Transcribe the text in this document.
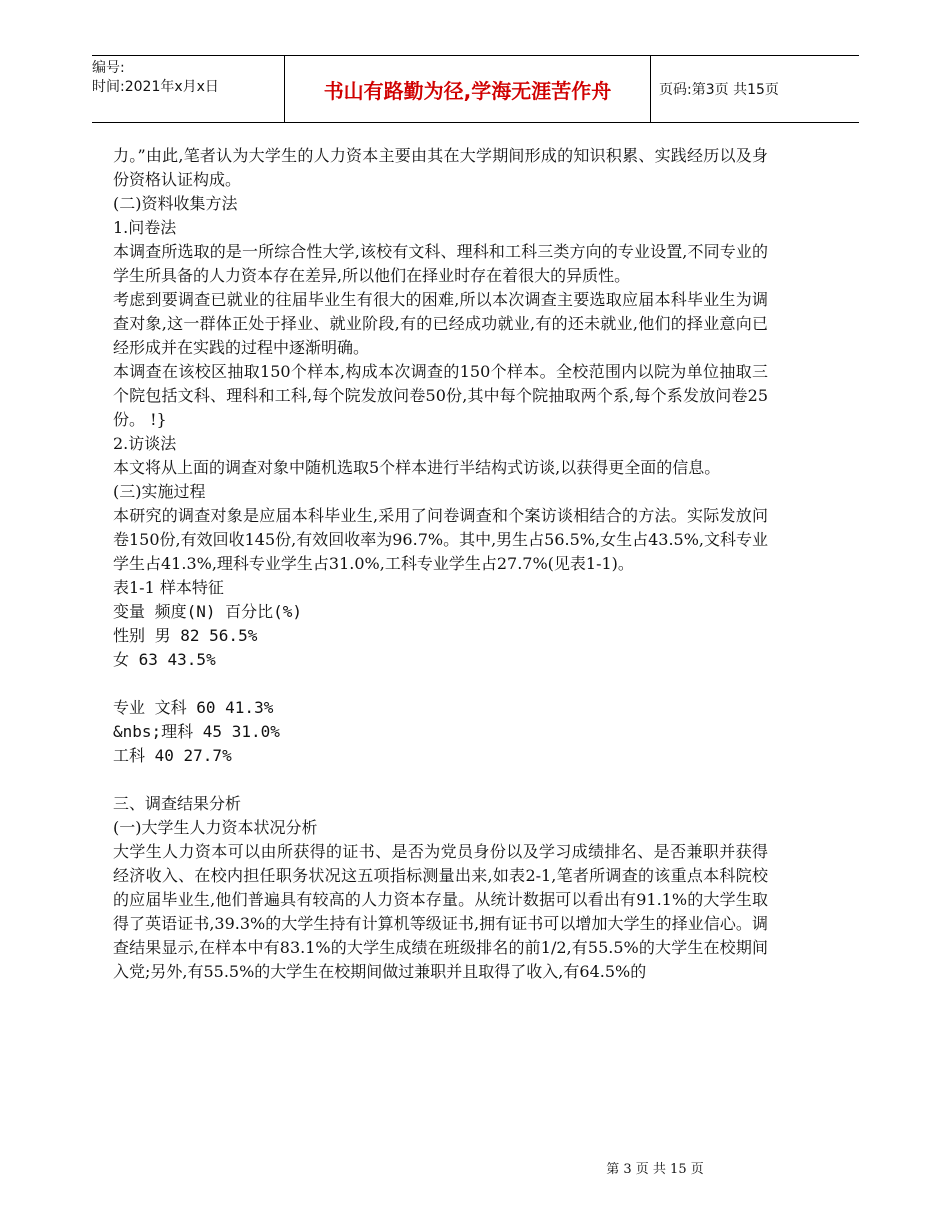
编号:
时间:2021年x月x日	书山有路勤为径,学海无涯苦作舟	页码:第3页 共15页

力。”由此,笔者认为大学生的人力资本主要由其在大学期间形成的知识积累、实践经历以及身份资格认证构成。

(二)资料收集方法

1.问卷法

本调查所选取的是一所综合性大学,该校有文科、理科和工科三类方向的专业设置,不同专业的学生所具备的人力资本存在差异,所以他们在择业时存在着很大的异质性。

考虑到要调查已就业的往届毕业生有很大的困难,所以本次调查主要选取应届本科毕业生为调查对象,这一群体正处于择业、就业阶段,有的已经成功就业,有的还未就业,他们的择业意向已经形成并在实践的过程中逐渐明确。

本调查在该校区抽取150个样本,构成本次调查的150个样本。全校范围内以院为单位抽取三个院包括文科、理科和工科,每个院发放问卷50份,其中每个院抽取两个系,每个系发放问卷25份。 !}

2.访谈法

本文将从上面的调查对象中随机选取5个样本进行半结构式访谈,以获得更全面的信息。

(三)实施过程

本研究的调查对象是应届本科毕业生,采用了问卷调查和个案访谈相结合的方法。实际发放问卷150份,有效回收145份,有效回收率为96.7%。其中,男生占56.5%,女生占43.5%,文科专业学生占41.3%,理科专业学生占31.0%,工科专业学生占27.7%(见表1-1)。

表1-1 样本特征

变量 频度(N) 百分比(%)

性别 男 82 56.5%

女 63 43.5%

专业 文科 60 41.3%

&nbs;理科 45 31.0%

工科 40 27.7%

三、调查结果分析

(一)大学生人力资本状况分析

大学生人力资本可以由所获得的证书、是否为党员身份以及学习成绩排名、是否兼职并获得经济收入、在校内担任职务状况这五项指标测量出来,如表2-1,笔者所调查的该重点本科院校的应届毕业生,他们普遍具有较高的人力资本存量。从统计数据可以看出有91.1%的大学生取得了英语证书,39.3%的大学生持有计算机等级证书,拥有证书可以增加大学生的择业信心。调查结果显示,在样本中有83.1%的大学生成绩在班级排名的前1/2,有55.5%的大学生在校期间入党;另外,有55.5%的大学生在校期间做过兼职并且取得了收入,有64.5%的

第 3 页 共 15 页
